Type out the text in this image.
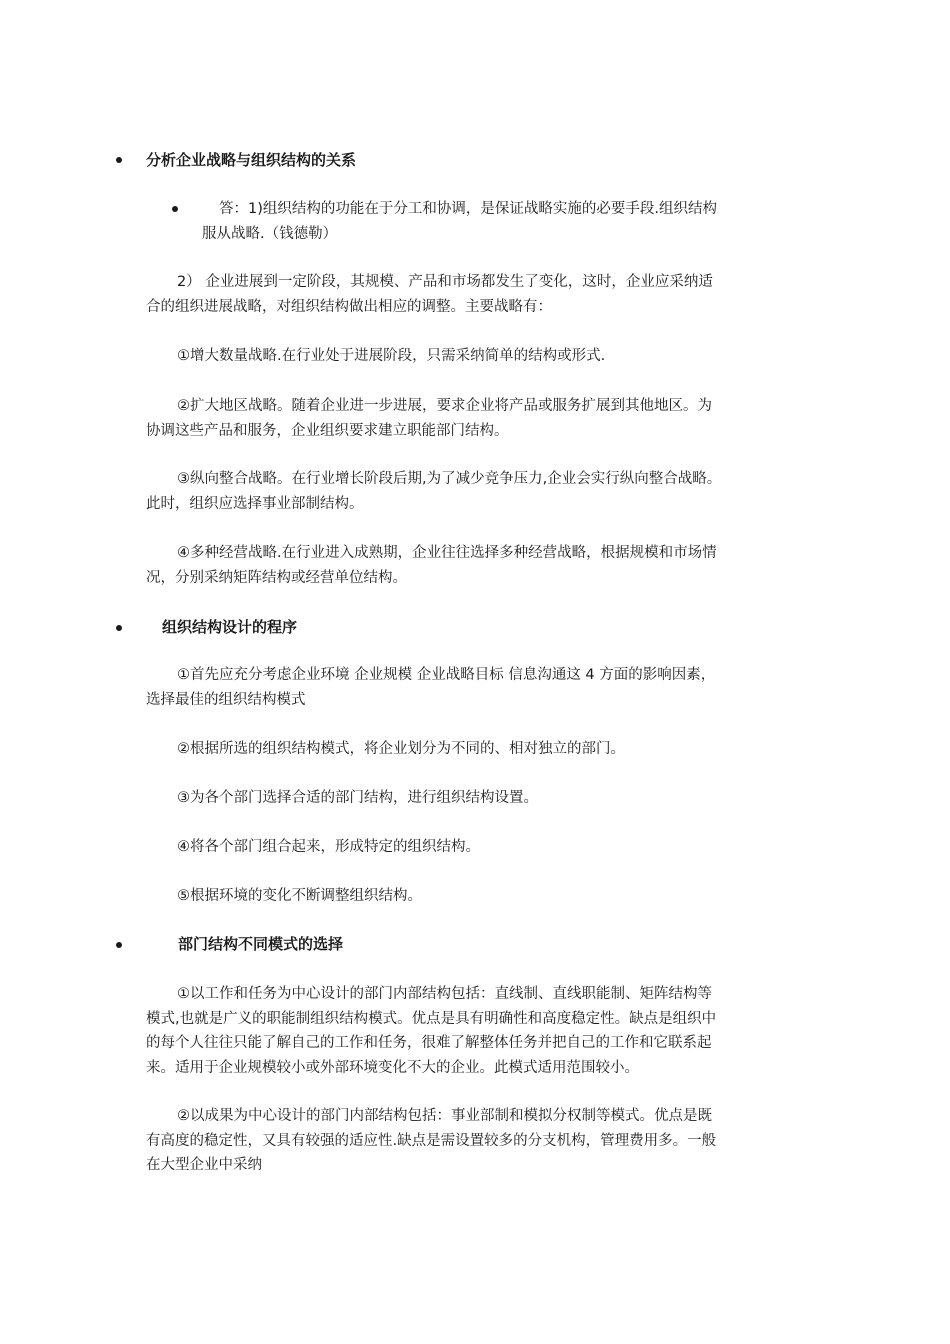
分析企业战略与组织结构的关系
答：1)组织结构的功能在于分工和协调，是保证战略实施的必要手段.组织结构
服从战略.（钱德勒）
2） 企业进展到一定阶段，其规模、产品和市场都发生了变化，这时，企业应采纳适
合的组织进展战略，对组织结构做出相应的调整。主要战略有：
①增大数量战略.在行业处于进展阶段，只需采纳简单的结构或形式.
②扩大地区战略。随着企业进一步进展，要求企业将产品或服务扩展到其他地区。为
协调这些产品和服务，企业组织要求建立职能部门结构。
③纵向整合战略。在行业增长阶段后期,为了减少竞争压力,企业会实行纵向整合战略。
此时，组织应选择事业部制结构。
④多种经营战略.在行业进入成熟期，企业往往选择多种经营战略，根据规模和市场情
况，分别采纳矩阵结构或经营单位结构。
组织结构设计的程序
①首先应充分考虑企业环境 企业规模 企业战略目标 信息沟通这 4 方面的影响因素，
选择最佳的组织结构模式
②根据所选的组织结构模式，将企业划分为不同的、相对独立的部门。
③为各个部门选择合适的部门结构，进行组织结构设置。
④将各个部门组合起来，形成特定的组织结构。
⑤根据环境的变化不断调整组织结构。
部门结构不同模式的选择
①以工作和任务为中心设计的部门内部结构包括：直线制、直线职能制、矩阵结构等
模式,也就是广义的职能制组织结构模式。优点是具有明确性和高度稳定性。缺点是组织中
的每个人往往只能了解自己的工作和任务，很难了解整体任务并把自己的工作和它联系起
来。适用于企业规模较小或外部环境变化不大的企业。此模式适用范围较小。
②以成果为中心设计的部门内部结构包括：事业部制和模拟分权制等模式。优点是既
有高度的稳定性，又具有较强的适应性.缺点是需设置较多的分支机构，管理费用多。一般
在大型企业中采纳
